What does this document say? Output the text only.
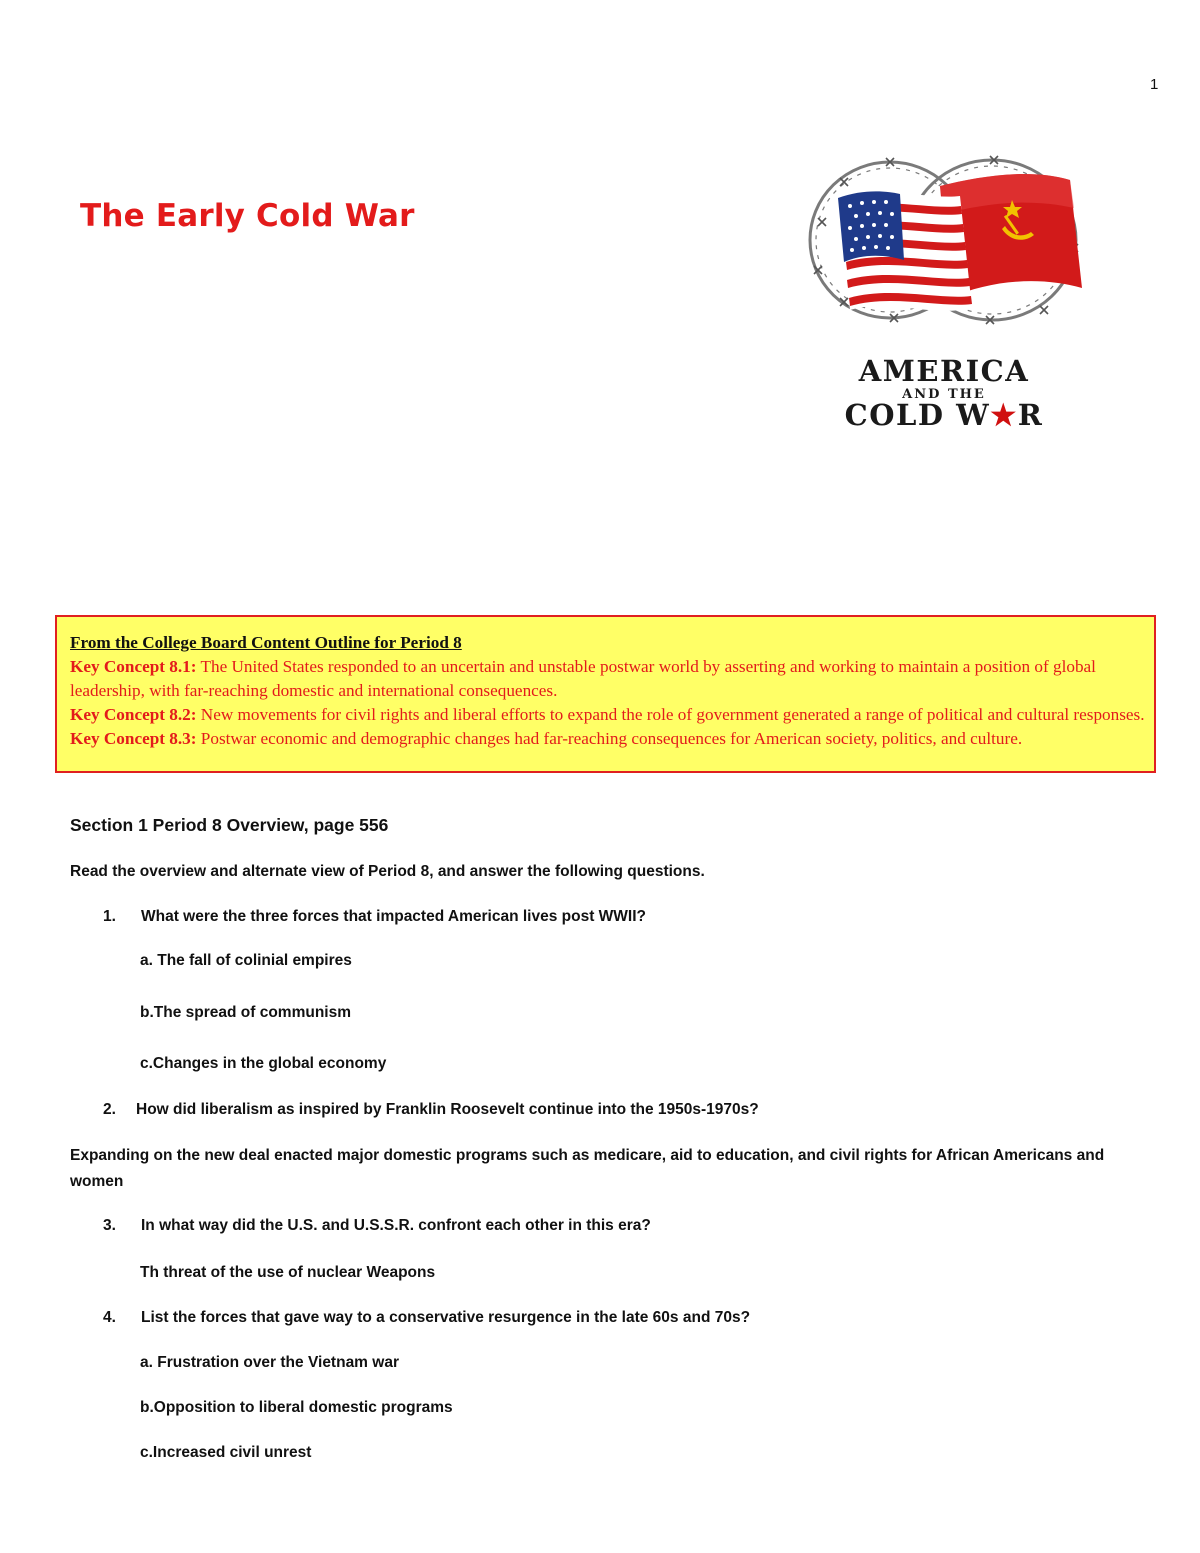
1
The Early Cold War
AMERICA
AND THE
COLD W★R
From the College Board Content Outline for Period 8
Key Concept 8.1: The United States responded to an uncertain and unstable postwar world by asserting and working to maintain a position of global leadership, with far-reaching domestic and international consequences.
Key Concept 8.2: New movements for civil rights and liberal efforts to expand the role of government generated a range of political and cultural responses.
Key Concept 8.3: Postwar economic and demographic changes had far-reaching consequences for American society, politics, and culture.
Section 1 Period 8 Overview, page 556
Read the overview and alternate view of Period 8, and answer the following questions.
1. What were the three forces that impacted American lives post WWII?
a. The fall of colinial empires
b.The spread of communism
c.Changes in the global economy
2. How did liberalism as inspired by Franklin Roosevelt continue into the 1950s-1970s?
Expanding on the new deal enacted major domestic programs such as medicare, aid to education, and civil rights for African Americans and women
3. In what way did the U.S. and U.S.S.R. confront each other in this era?
Th threat of the use of nuclear Weapons
4. List the forces that gave way to a conservative resurgence in the late 60s and 70s?
a. Frustration over the Vietnam war
b.Opposition to liberal domestic programs
c.Increased civil unrest
